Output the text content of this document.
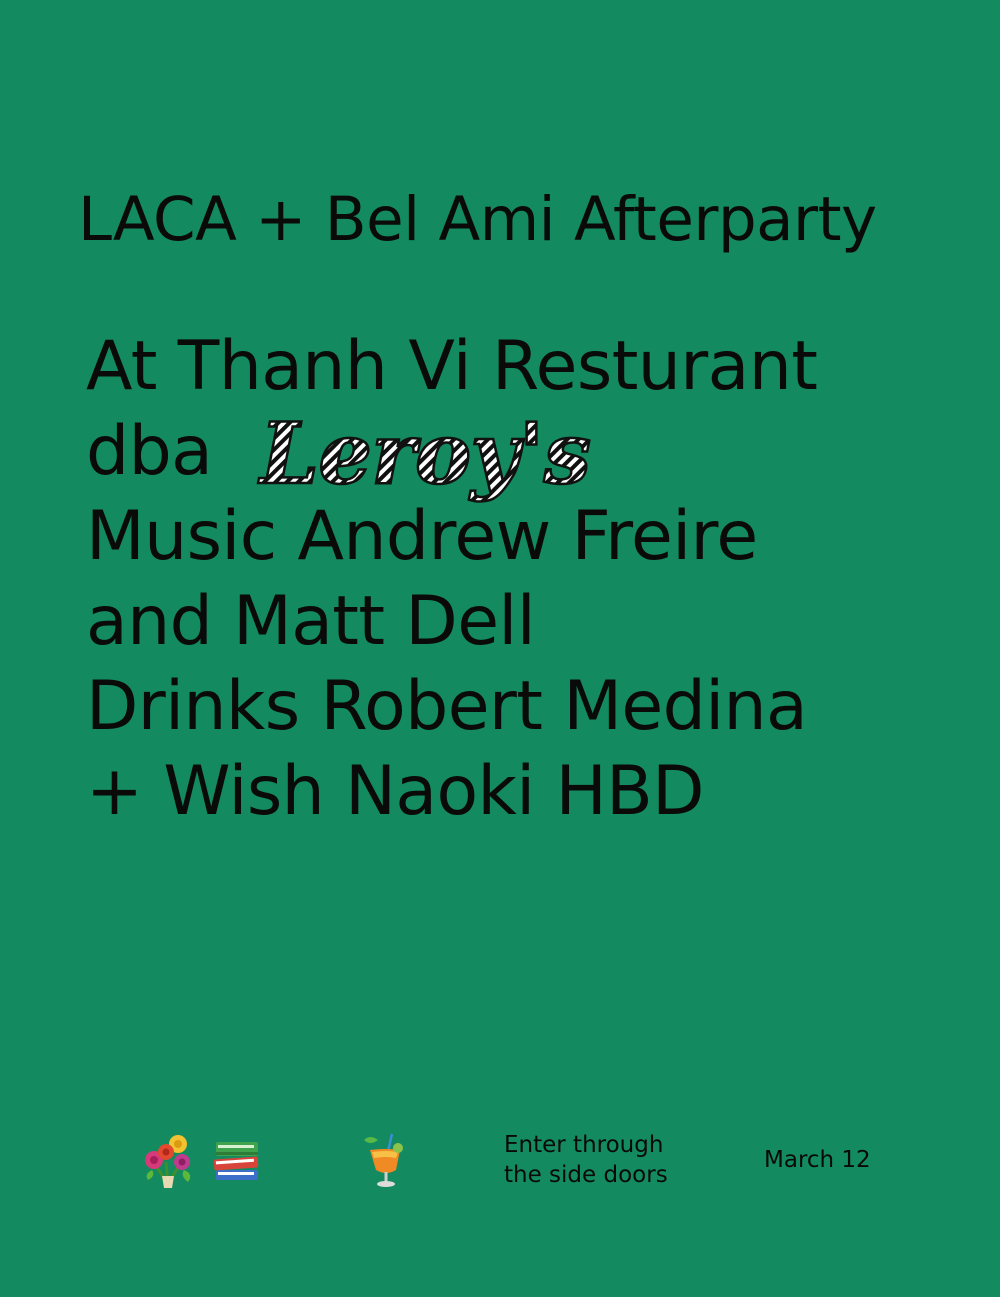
LACA + Bel Ami Afterparty
At Thanh Vi Resturant
dba Leroy's
Music Andrew Freire
and Matt Dell
Drinks Robert Medina
+ Wish Naoki HBD
Enter through
the side doors
March 12
